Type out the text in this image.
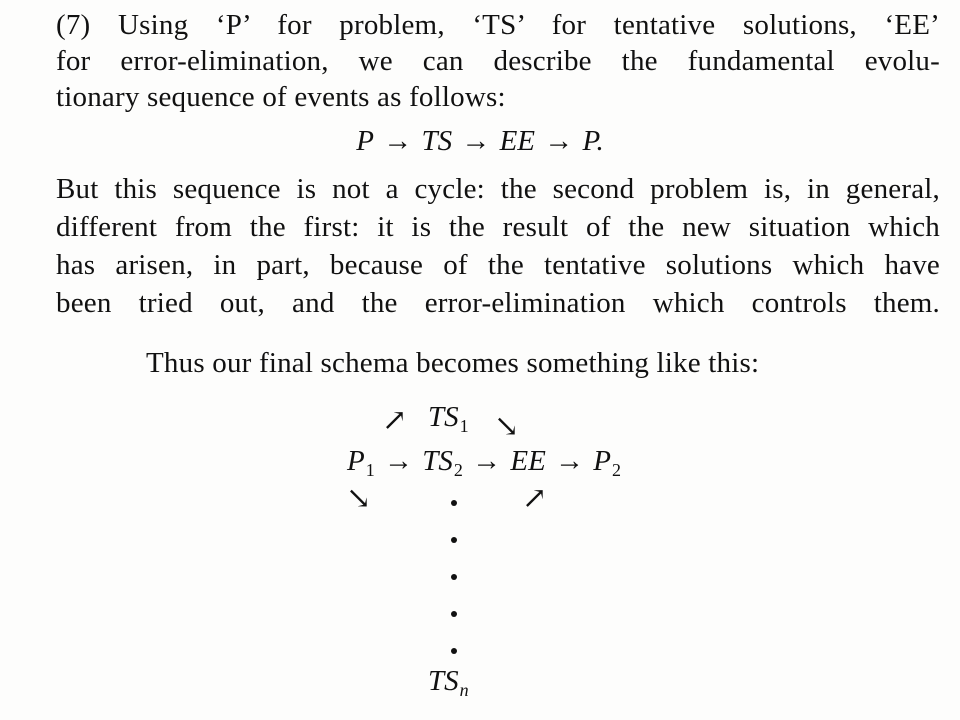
(7) Using ‘P’ for problem, ‘TS’ for tentative solutions, ‘EE’
for error-elimination, we can describe the fundamental evolu-
tionary sequence of events as follows:
P → TS → EE → P.
But this sequence is not a cycle: the second problem is, in general,
different from the first: it is the result of the new situation which
has arisen, in part, because of the tentative solutions which have
been tried out, and the error-elimination which controls them.
Thus our final schema becomes something like this:
↗ $TS_1$ ↘
$P_1 \to TS_2$ → EE → $P_2$
↘	↗
$TS_n$
